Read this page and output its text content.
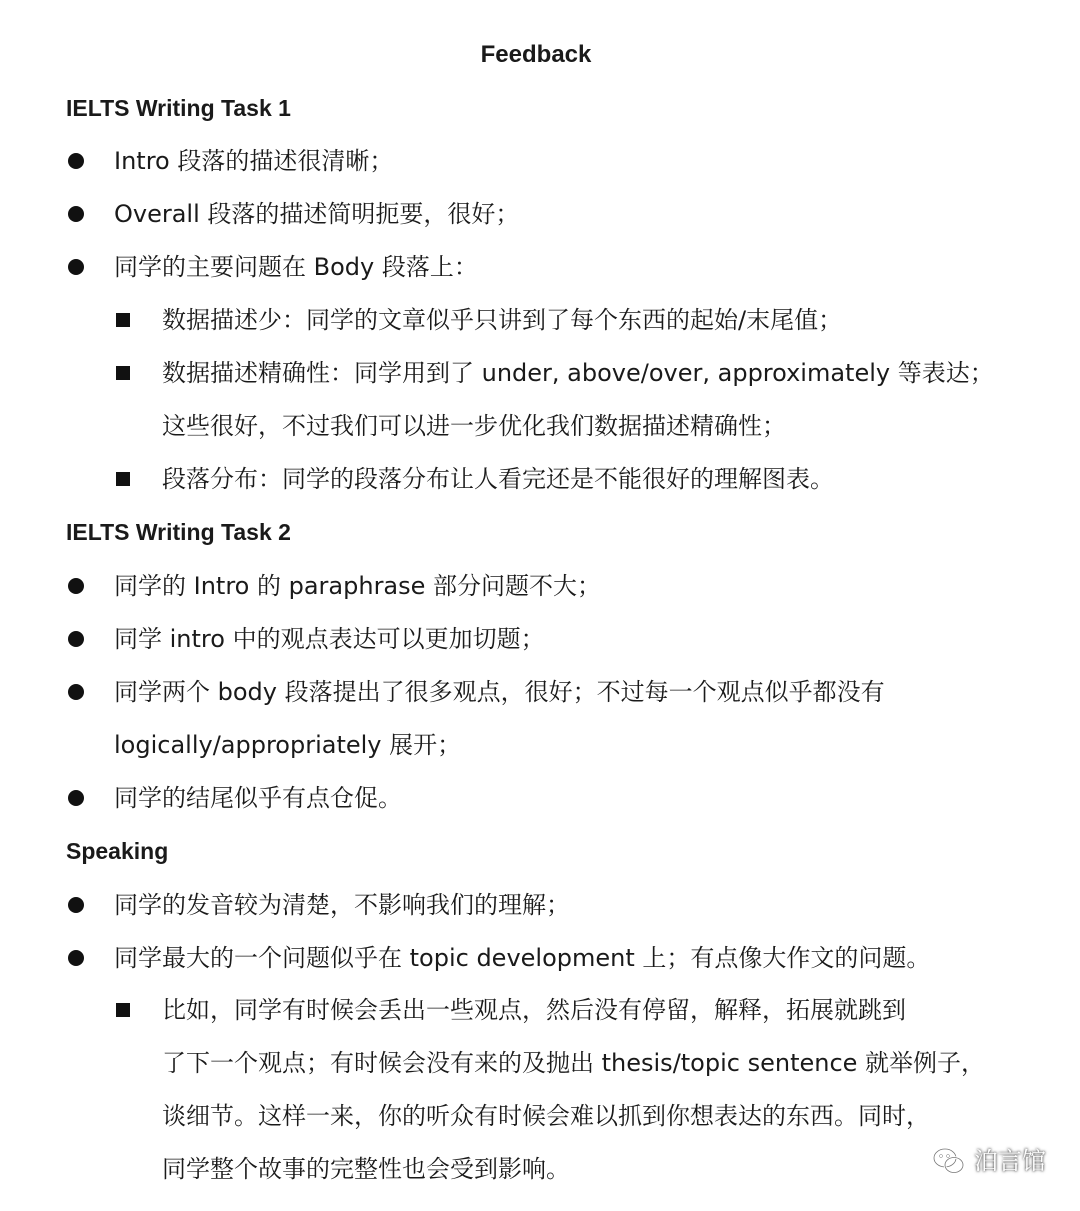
Feedback
IELTS Writing Task 1
Intro 段落的描述很清晰；
Overall 段落的描述简明扼要，很好；
同学的主要问题在 Body 段落上：
数据描述少：同学的文章似乎只讲到了每个东西的起始/末尾值；
数据描述精确性：同学用到了 under, above/over, approximately 等表达；
这些很好，不过我们可以进一步优化我们数据描述精确性；
段落分布：同学的段落分布让人看完还是不能很好的理解图表。
IELTS Writing Task 2
同学的 Intro 的 paraphrase 部分问题不大；
同学 intro 中的观点表达可以更加切题；
同学两个 body 段落提出了很多观点，很好；不过每一个观点似乎都没有
logically/appropriately 展开；
同学的结尾似乎有点仓促。
Speaking
同学的发音较为清楚，不影响我们的理解；
同学最大的一个问题似乎在 topic development 上；有点像大作文的问题。
比如，同学有时候会丢出一些观点，然后没有停留，解释，拓展就跳到
了下一个观点；有时候会没有来的及抛出 thesis/topic sentence 就举例子，
谈细节。这样一来，你的听众有时候会难以抓到你想表达的东西。同时，
同学整个故事的完整性也会受到影响。	泊言馆
